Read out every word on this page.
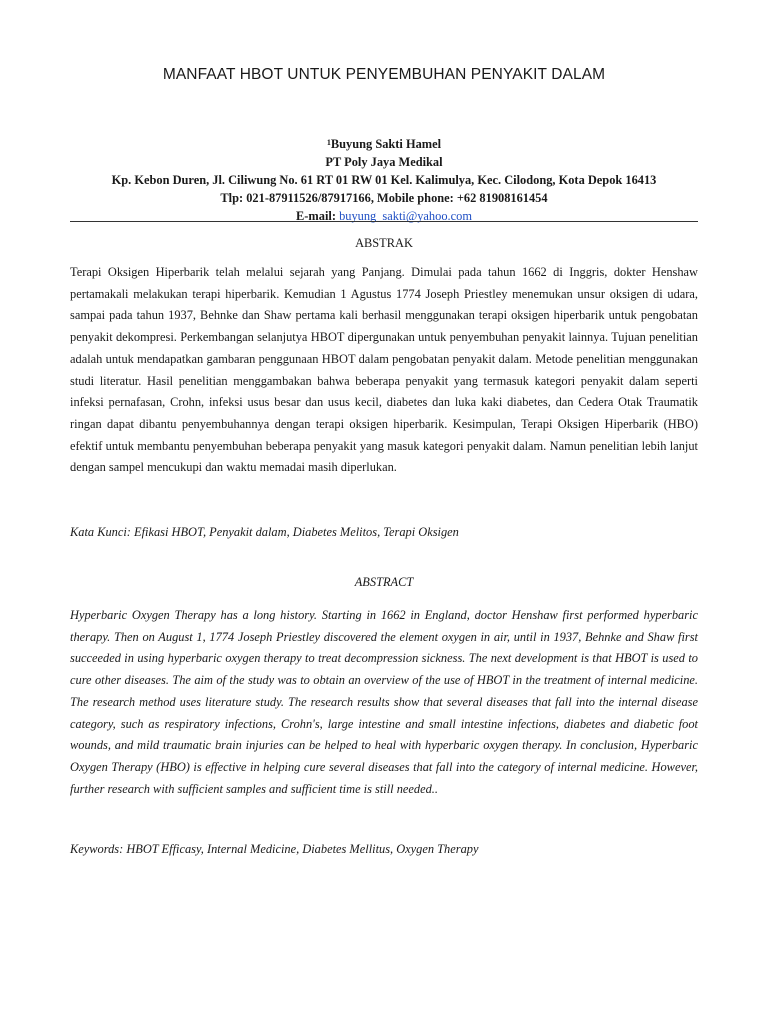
MANFAAT HBOT UNTUK PENYEMBUHAN PENYAKIT DALAM
$^1$Buyung Sakti Hamel
PT Poly Jaya Medikal
Kp. Kebon Duren, Jl. Ciliwung No. 61 RT 01 RW 01 Kel. Kalimulya, Kec. Cilodong, Kota Depok 16413
Tlp: 021-87911526/87917166, Mobile phone: +62 81908161454
E-mail: buyung_sakti@yahoo.com
ABSTRAK
Terapi Oksigen Hiperbarik telah melalui sejarah yang Panjang. Dimulai pada tahun 1662 di Inggris, dokter Henshaw pertamakali melakukan terapi hiperbarik. Kemudian 1 Agustus 1774 Joseph Priestley menemukan unsur oksigen di udara, sampai pada tahun 1937, Behnke dan Shaw pertama kali berhasil menggunakan terapi oksigen hiperbarik untuk pengobatan penyakit dekompresi. Perkembangan selanjutya HBOT dipergunakan untuk penyembuhan penyakit lainnya. Tujuan penelitian adalah untuk mendapatkan gambaran penggunaan HBOT dalam pengobatan penyakit dalam. Metode penelitian menggunakan studi literatur. Hasil penelitian menggambakan bahwa beberapa penyakit yang termasuk kategori penyakit dalam seperti infeksi pernafasan, Crohn, infeksi usus besar dan usus kecil, diabetes dan luka kaki diabetes, dan Cedera Otak Traumatik ringan dapat dibantu penyembuhannya dengan terapi oksigen hiperbarik. Kesimpulan, Terapi Oksigen Hiperbarik (HBO) efektif untuk membantu penyembuhan beberapa penyakit yang masuk kategori penyakit dalam. Namun penelitian lebih lanjut dengan sampel mencukupi dan waktu memadai masih diperlukan.
Kata Kunci: Efikasi HBOT, Penyakit dalam, Diabetes Melitos, Terapi Oksigen
ABSTRACT
Hyperbaric Oxygen Therapy has a long history. Starting in 1662 in England, doctor Henshaw first performed hyperbaric therapy. Then on August 1, 1774 Joseph Priestley discovered the element oxygen in air, until in 1937, Behnke and Shaw first succeeded in using hyperbaric oxygen therapy to treat decompression sickness. The next development is that HBOT is used to cure other diseases. The aim of the study was to obtain an overview of the use of HBOT in the treatment of internal medicine. The research method uses literature study. The research results show that several diseases that fall into the internal disease category, such as respiratory infections, Crohn's, large intestine and small intestine infections, diabetes and diabetic foot wounds, and mild traumatic brain injuries can be helped to heal with hyperbaric oxygen therapy. In conclusion, Hyperbaric Oxygen Therapy (HBO) is effective in helping cure several diseases that fall into the category of internal medicine. However, further research with sufficient samples and sufficient time is still needed..
Keywords: HBOT Efficasy, Internal Medicine, Diabetes Mellitus, Oxygen Therapy
